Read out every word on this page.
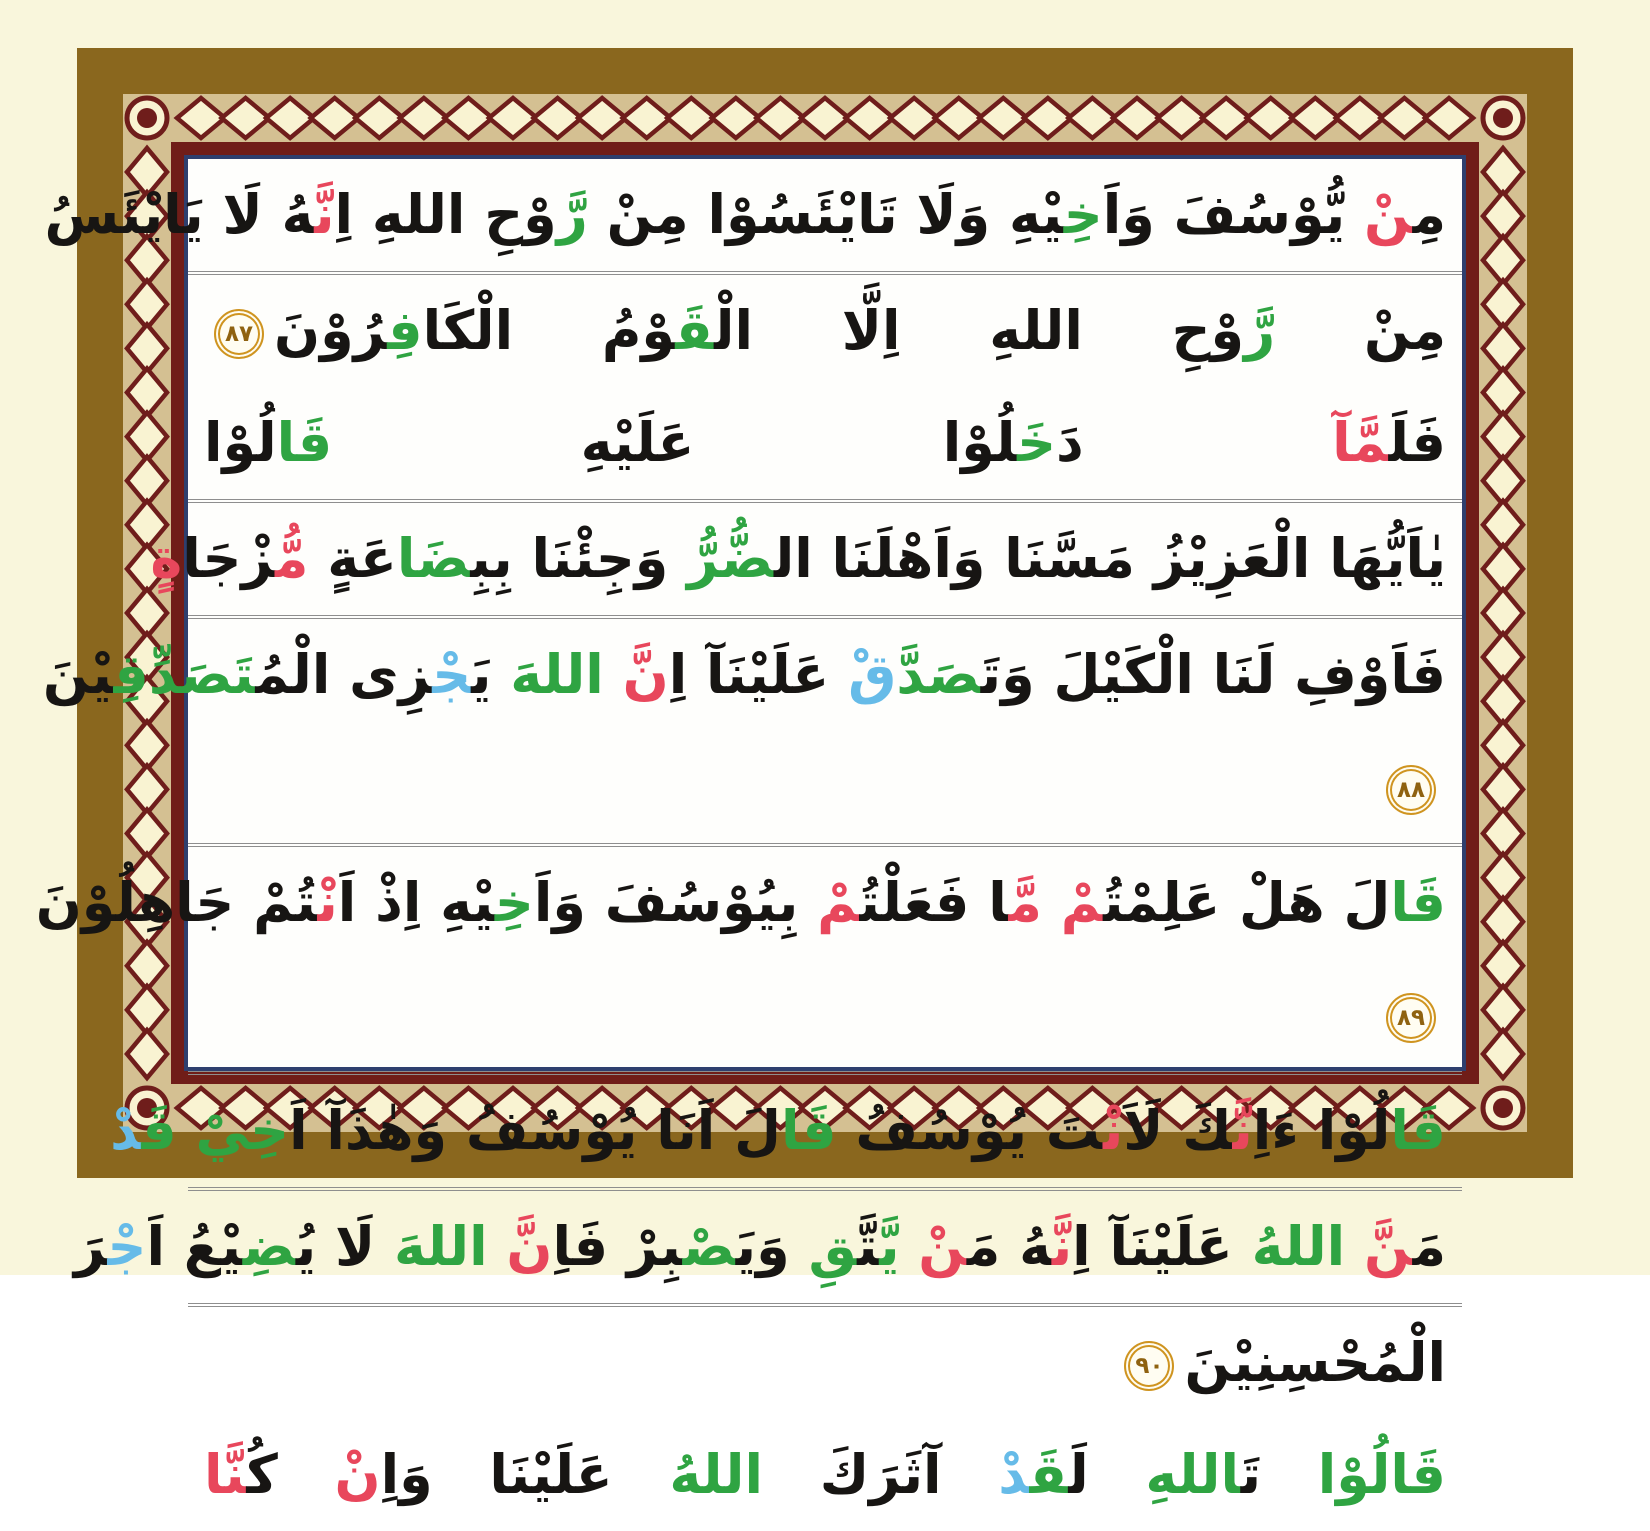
مِنْ يُّوْسُفَ وَاَخِيْهِ وَلَا تَايْئَسُوْا مِنْ رَّوْحِ اللهِ اِنَّهُ لَا يَايْئَسُ
مِنْ رَّوْحِ اللهِ اِلَّا الْقَوْمُ الْكَافِرُوْنَ٨٧فَلَمَّآ دَخَلُوْا عَلَيْهِ قَالُوْا
يٰاَيُّهَا الْعَزِيْزُ مَسَّنَا وَاَهْلَنَا الضُّرُّ وَجِئْنَا بِبِضَاعَةٍ مُّزْجَاةٍ
فَاَوْفِ لَنَا الْكَيْلَ وَتَصَدَّقْ عَلَيْنَآ اِنَّ اللهَ يَجْزِى الْمُتَصَدِّقِيْنَ٨٨
قَالَ هَلْ عَلِمْتُمْ مَّا فَعَلْتُمْ بِيُوْسُفَ وَاَخِيْهِ اِذْ اَنْتُمْ جَاهِلُوْنَ٨٩
قَالُوْا ءَاِنَّكَ لَاَنْتَ يُوْسُفُ قَالَ اَنَا يُوْسُفُ وَهٰذَآ اَخِيْ قَدْ
مَنَّ اللهُ عَلَيْنَآ اِنَّهُ مَنْ يَّتَّقِ وَيَصْبِرْ فَاِنَّ اللهَ لَا يُضِيْعُ اَجْرَ
الْمُحْسِنِيْنَ٩٠قَالُوْا تَاللهِ لَقَدْ آثَرَكَ اللهُ عَلَيْنَا وَاِنْ كُنَّا
